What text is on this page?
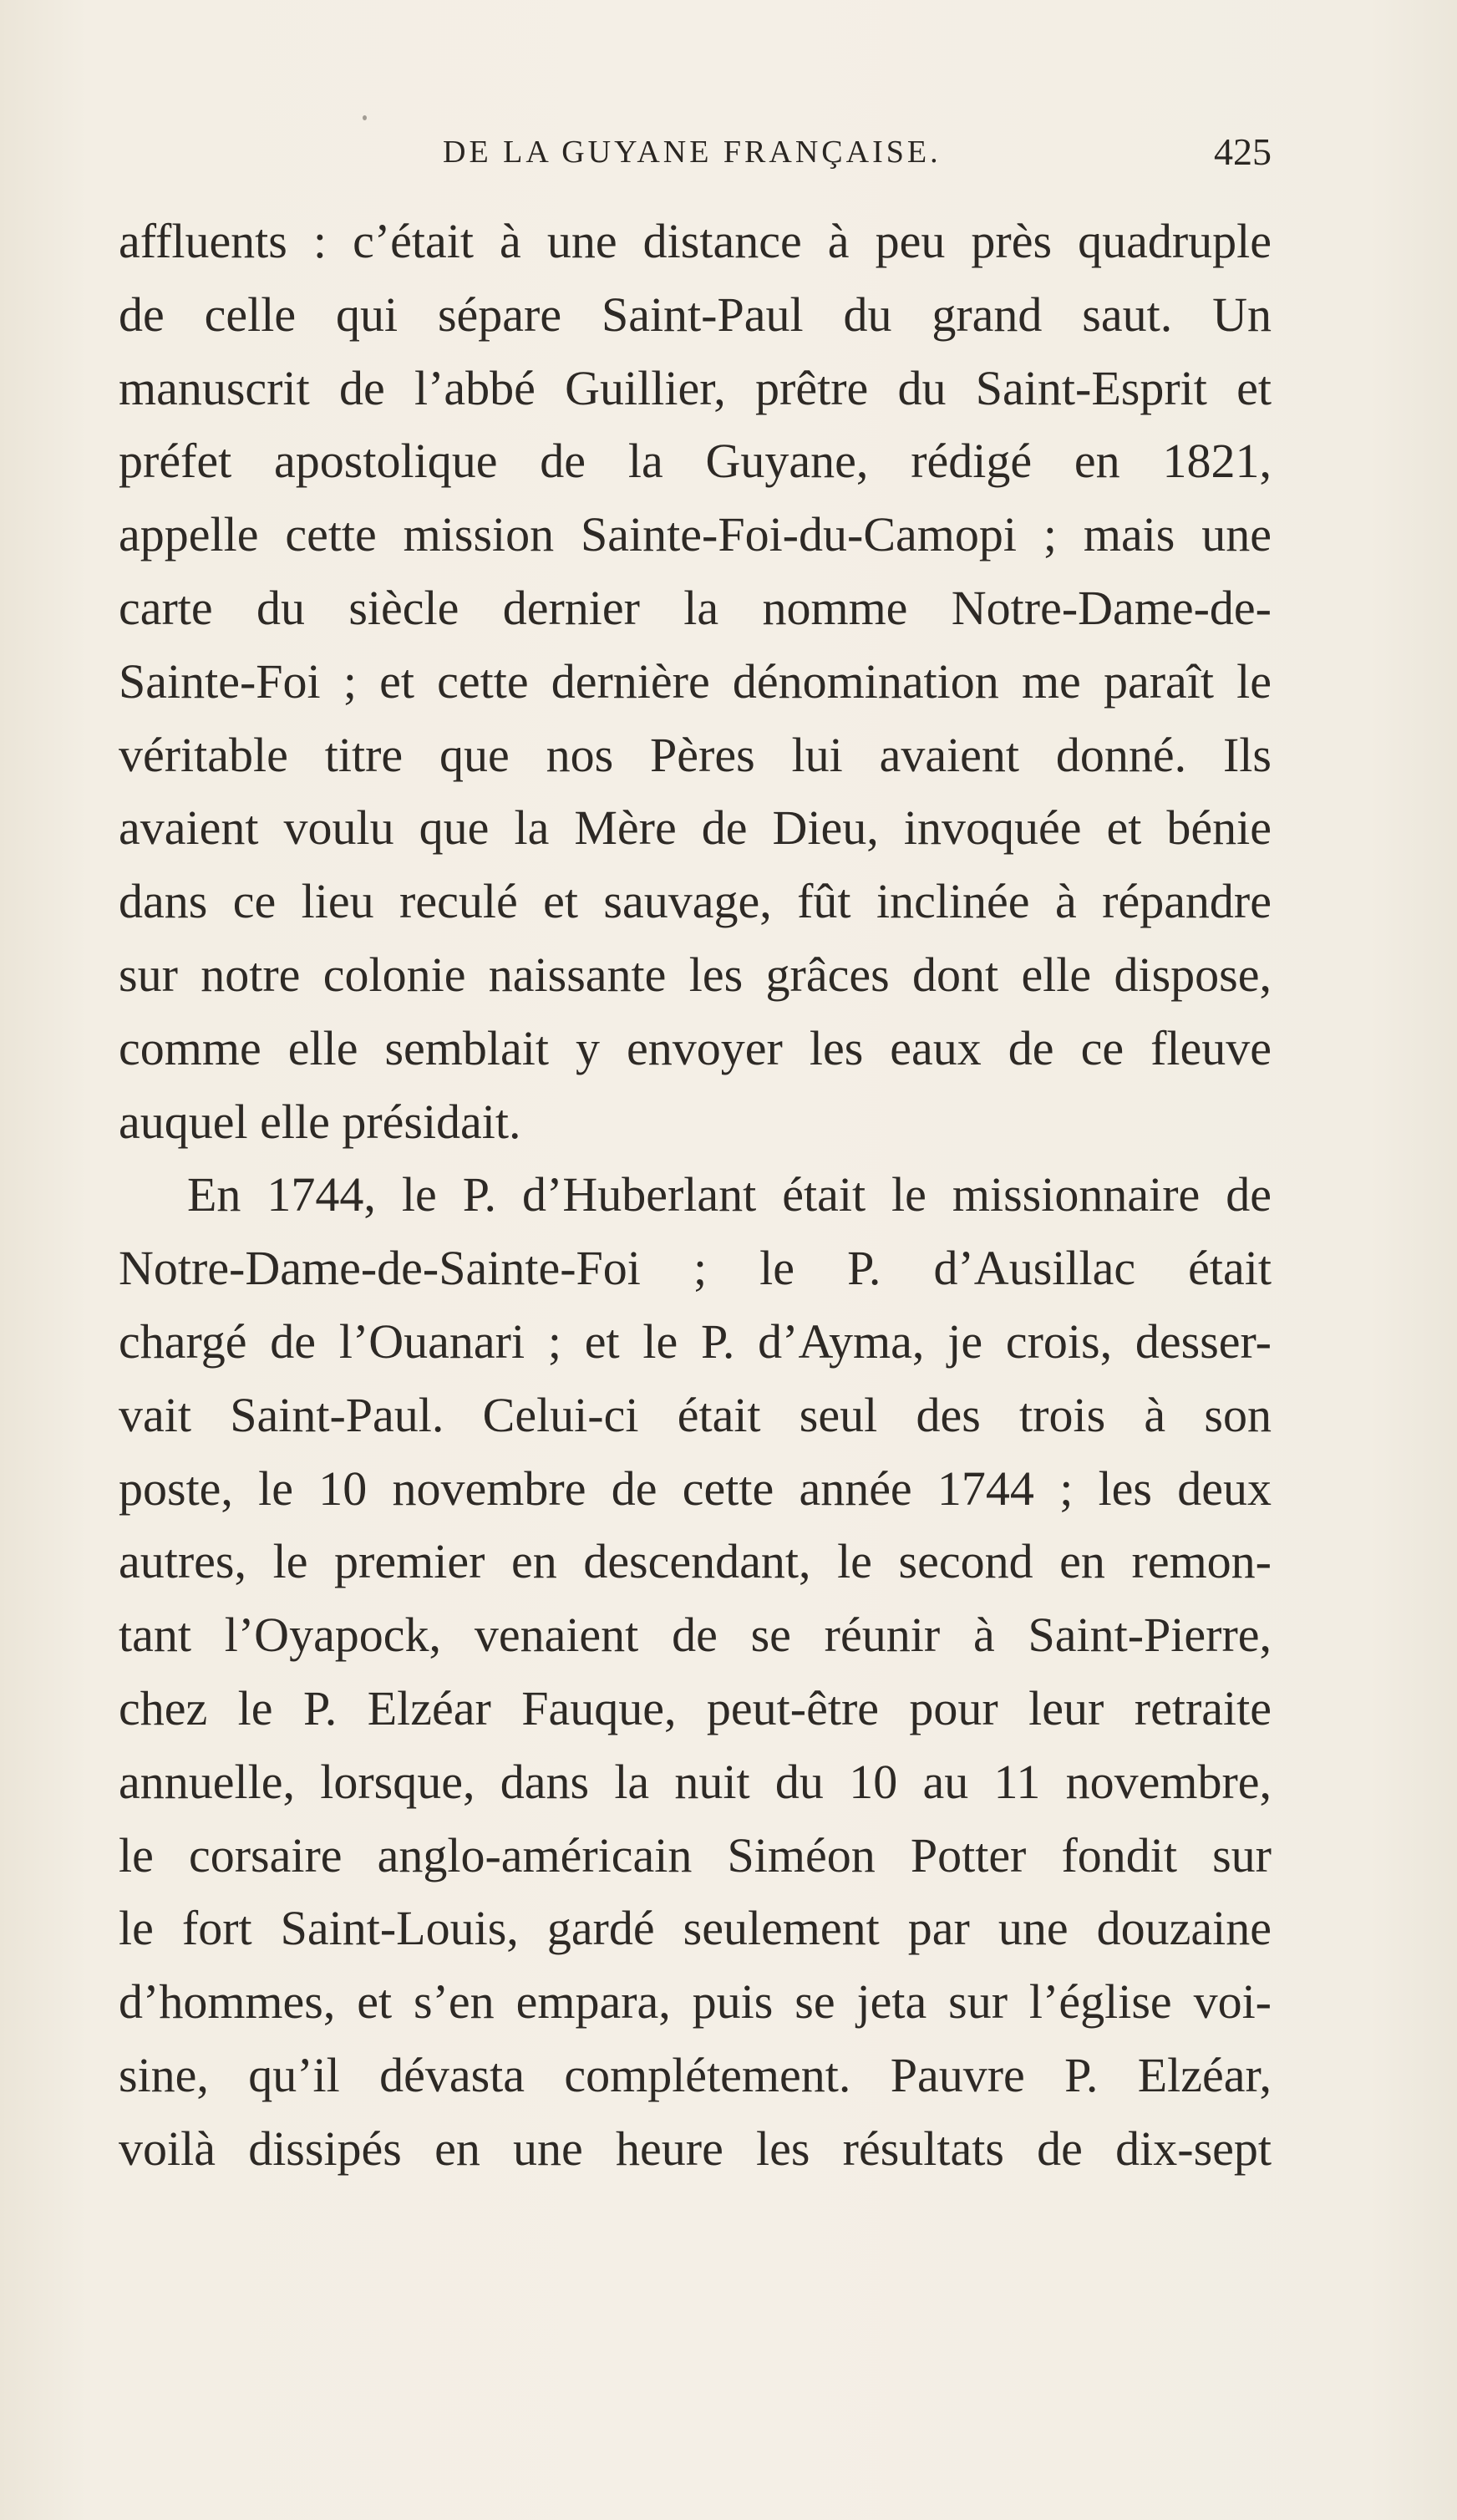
DE LA GUYANE FRANÇAISE.	425
affluents : c’était à une distance à peu près quadruple
de celle qui sépare Saint-Paul du grand saut. Un
manuscrit de l’abbé Guillier, prêtre du Saint-Esprit et
préfet apostolique de la Guyane, rédigé en 1821,
appelle cette mission Sainte-Foi-du-Camopi ; mais une
carte du siècle dernier la nomme Notre-Dame-de-
Sainte-Foi ; et cette dernière dénomination me paraît le
véritable titre que nos Pères lui avaient donné. Ils
avaient voulu que la Mère de Dieu, invoquée et bénie
dans ce lieu reculé et sauvage, fût inclinée à répandre
sur notre colonie naissante les grâces dont elle dispose,
comme elle semblait y envoyer les eaux de ce fleuve
auquel elle présidait.
En 1744, le P. d’Huberlant était le missionnaire de
Notre-Dame-de-Sainte-Foi ; le P. d’Ausillac était
chargé de l’Ouanari ; et le P. d’Ayma, je crois, desser-
vait Saint-Paul. Celui-ci était seul des trois à son
poste, le 10 novembre de cette année 1744 ; les deux
autres, le premier en descendant, le second en remon-
tant l’Oyapock, venaient de se réunir à Saint-Pierre,
chez le P. Elzéar Fauque, peut-être pour leur retraite
annuelle, lorsque, dans la nuit du 10 au 11 novembre,
le corsaire anglo-américain Siméon Potter fondit sur
le fort Saint-Louis, gardé seulement par une douzaine
d’hommes, et s’en empara, puis se jeta sur l’église voi-
sine, qu’il dévasta complétement. Pauvre P. Elzéar,
voilà dissipés en une heure les résultats de dix-sept
